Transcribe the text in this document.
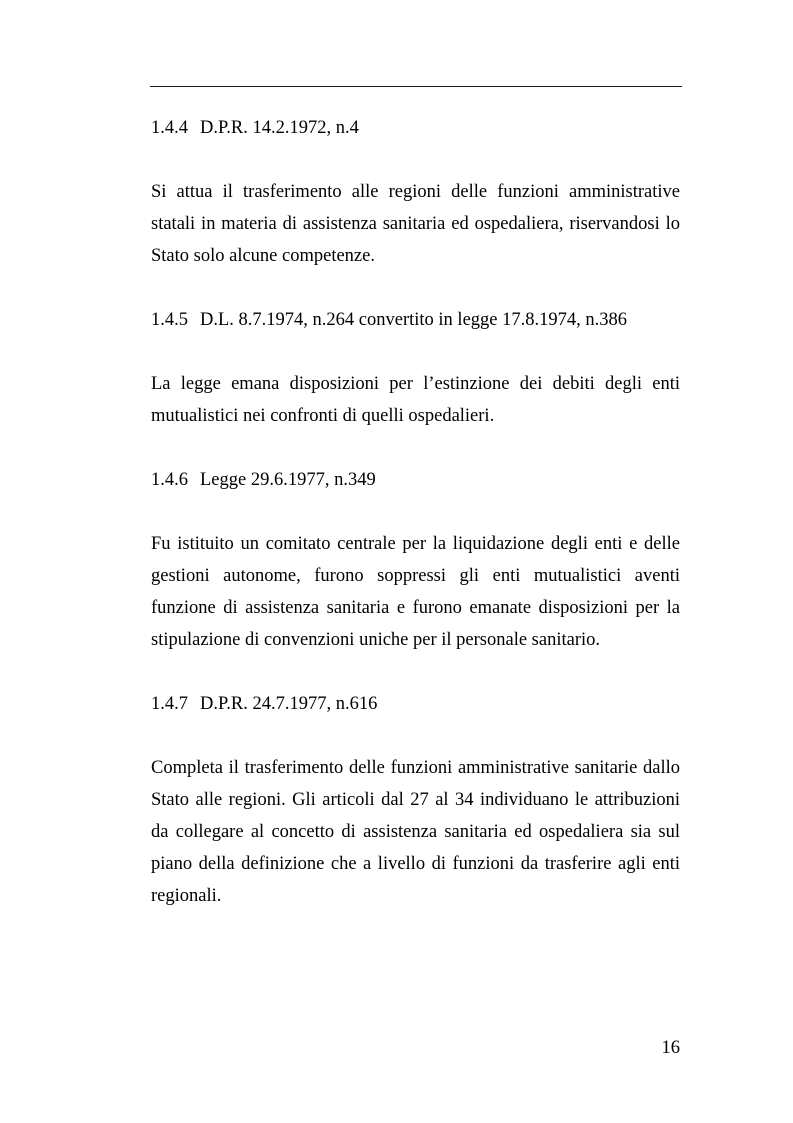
1.4.4 D.P.R. 14.2.1972, n.4
Si attua il trasferimento alle regioni delle funzioni amministrative
statali in materia di assistenza sanitaria ed ospedaliera, riservandosi lo
Stato solo alcune competenze.
1.4.5 D.L. 8.7.1974, n.264 convertito in legge 17.8.1974, n.386
La legge emana disposizioni per l’estinzione dei debiti degli enti
mutualistici nei confronti di quelli ospedalieri.
1.4.6 Legge 29.6.1977, n.349
Fu istituito un comitato centrale per la liquidazione degli enti e delle
gestioni autonome, furono soppressi gli enti mutualistici aventi
funzione di assistenza sanitaria e furono emanate disposizioni per la
stipulazione di convenzioni uniche per il personale sanitario.
1.4.7 D.P.R. 24.7.1977, n.616
Completa il trasferimento delle funzioni amministrative sanitarie dallo
Stato alle regioni. Gli articoli dal 27 al 34 individuano le attribuzioni
da collegare al concetto di assistenza sanitaria ed ospedaliera sia sul
piano della definizione che a livello di funzioni da trasferire agli enti
regionali.
16
